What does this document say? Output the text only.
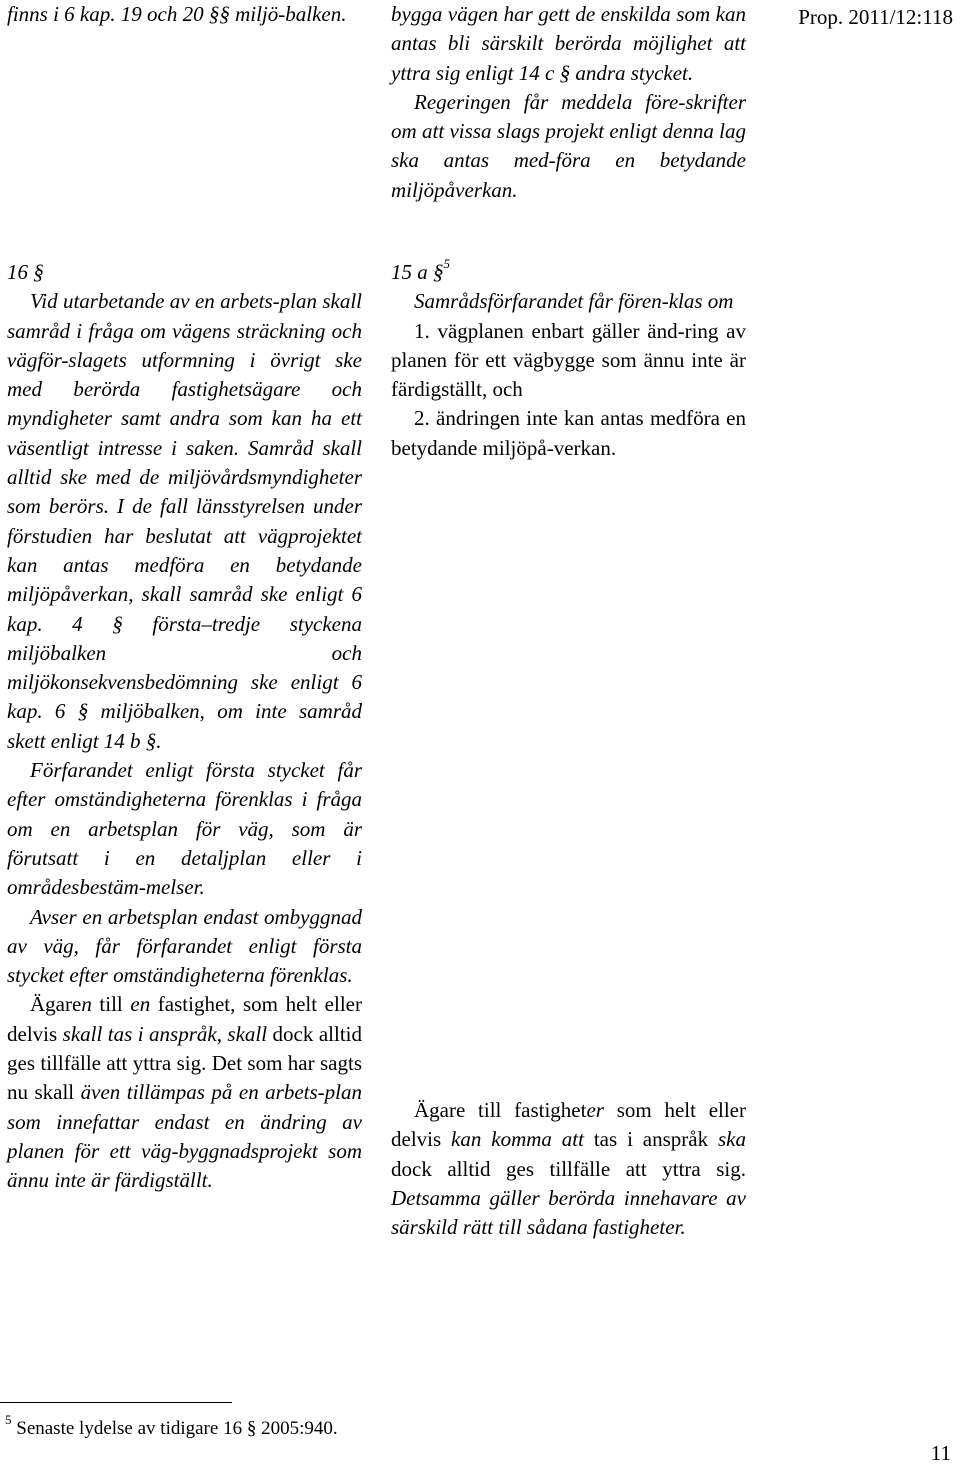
Prop. 2011/12:118

finns i 6 kap. 19 och 20 §§ miljö-balken.

16 §

Vid utarbetande av en arbets-plan skall samråd i fråga om vägens sträckning och vägför-slagets utformning i övrigt ske med berörda fastighetsägare och myndigheter samt andra som kan ha ett väsentligt intresse i saken. Samråd skall alltid ske med de miljövårdsmyndigheter som berörs. I de fall länsstyrelsen under förstudien har beslutat att vägprojektet kan antas medföra en betydande miljöpåverkan, skall samråd ske enligt 6 kap. 4 § första–tredje styckena miljöbalken och miljökonsekvensbedömning ske enligt 6 kap. 6 § miljöbalken, om inte samråd skett enligt 14 b §.

Förfarandet enligt första stycket får efter omständigheterna förenklas i fråga om en arbetsplan för väg, som är förutsatt i en detaljplan eller i områdesbestäm-melser.

Avser en arbetsplan endast ombyggnad av väg, får förfarandet enligt första stycket efter omständigheterna förenklas.

Ägaren till en fastighet, som helt eller delvis skall tas i anspråk, skall dock alltid ges tillfälle att yttra sig. Det som har sagts nu skall även tillämpas på en arbets-plan som innefattar endast en ändring av planen för ett väg-byggnadsprojekt som ännu inte är färdigställt.

bygga vägen har gett de enskilda som kan antas bli särskilt berörda möjlighet att yttra sig enligt 14 c § andra stycket.

Regeringen får meddela före-skrifter om att vissa slags projekt enligt denna lag ska antas med-föra en betydande miljöpåverkan.

15 a §$^5$

Samrådsförfarandet får fören-klas om

1. vägplanen enbart gäller änd-ring av planen för ett vägbygge som ännu inte är färdigställt, och

2. ändringen inte kan antas medföra en betydande miljöpå-verkan.

Ägare till fastigheter som helt eller delvis kan komma att tas i anspråk ska dock alltid ges tillfälle att yttra sig. Detsamma gäller berörda innehavare av särskild rätt till sådana fastigheter.

$^5$ Senaste lydelse av tidigare 16 § 2005:940.
11
